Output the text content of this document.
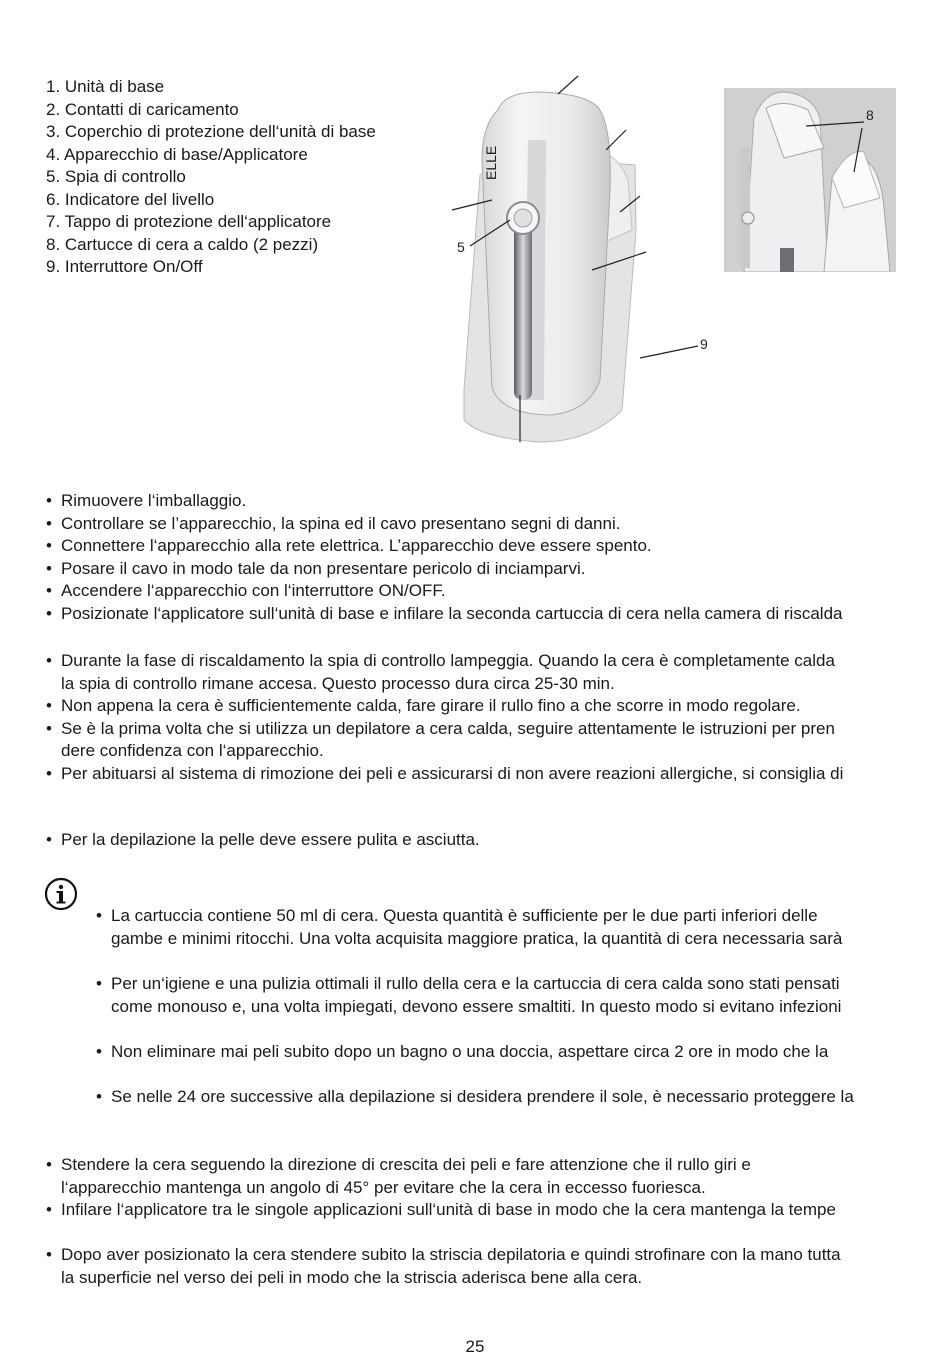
1. Unità di base
2. Contatti di caricamento
3. Coperchio di protezione dell‘unità di base
4. Apparecchio di base/Applicatore
5. Spia di controllo
6. Indicatore del livello
7. Tappo di protezione dell‘applicatore
8. Cartucce di cera a caldo (2 pezzi)
9. Interruttore On/Off
ELLE
5
9
8
• Rimuovere l‘imballaggio.
• Controllare se l’apparecchio, la spina ed il cavo presentano segni di danni.
• Connettere l‘apparecchio alla rete elettrica. L’apparecchio deve essere spento.
• Posare il cavo in modo tale da non presentare pericolo di inciamparvi.
• Accendere l‘apparecchio con l‘interruttore ON/OFF.
• Posizionate l‘applicatore sull‘unità di base e infilare la seconda cartuccia di cera nella camera di riscalda
• Durante la fase di riscaldamento la spia di controllo lampeggia. Quando la cera è completamente calda
la spia di controllo rimane accesa. Questo processo dura circa 25-30 min.
• Non appena la cera è sufficientemente calda, fare girare il rullo fino a che scorre in modo regolare.
• Se è la prima volta che si utilizza un depilatore a cera calda, seguire attentamente le istruzioni per pren
dere confidenza con l‘apparecchio.
• Per abituarsi al sistema di rimozione dei peli e assicurarsi di non avere reazioni allergiche, si consiglia di
• Per la depilazione la pelle deve essere pulita e asciutta.
• La cartuccia contiene 50 ml di cera. Questa quantità è sufficiente per le due parti inferiori delle
gambe e minimi ritocchi. Una volta acquisita maggiore pratica, la quantità di cera necessaria sarà
• Per un‘igiene e una pulizia ottimali il rullo della cera e la cartuccia di cera calda sono stati pensati
come monouso e, una volta impiegati, devono essere smaltiti. In questo modo si evitano infezioni
• Non eliminare mai peli subito dopo un bagno o una doccia, aspettare circa 2 ore in modo che la
• Se nelle 24 ore successive alla depilazione si desidera prendere il sole, è necessario proteggere la
• Stendere la cera seguendo la direzione di crescita dei peli e fare attenzione che il rullo giri e
l‘apparecchio mantenga un angolo di 45° per evitare che la cera in eccesso fuoriesca.
• Infilare l‘applicatore tra le singole applicazioni sull‘unità di base in modo che la cera mantenga la tempe
• Dopo aver posizionato la cera stendere subito la striscia depilatoria e quindi strofinare con la mano tutta
la superficie nel verso dei peli in modo che la striscia aderisca bene alla cera.
25
